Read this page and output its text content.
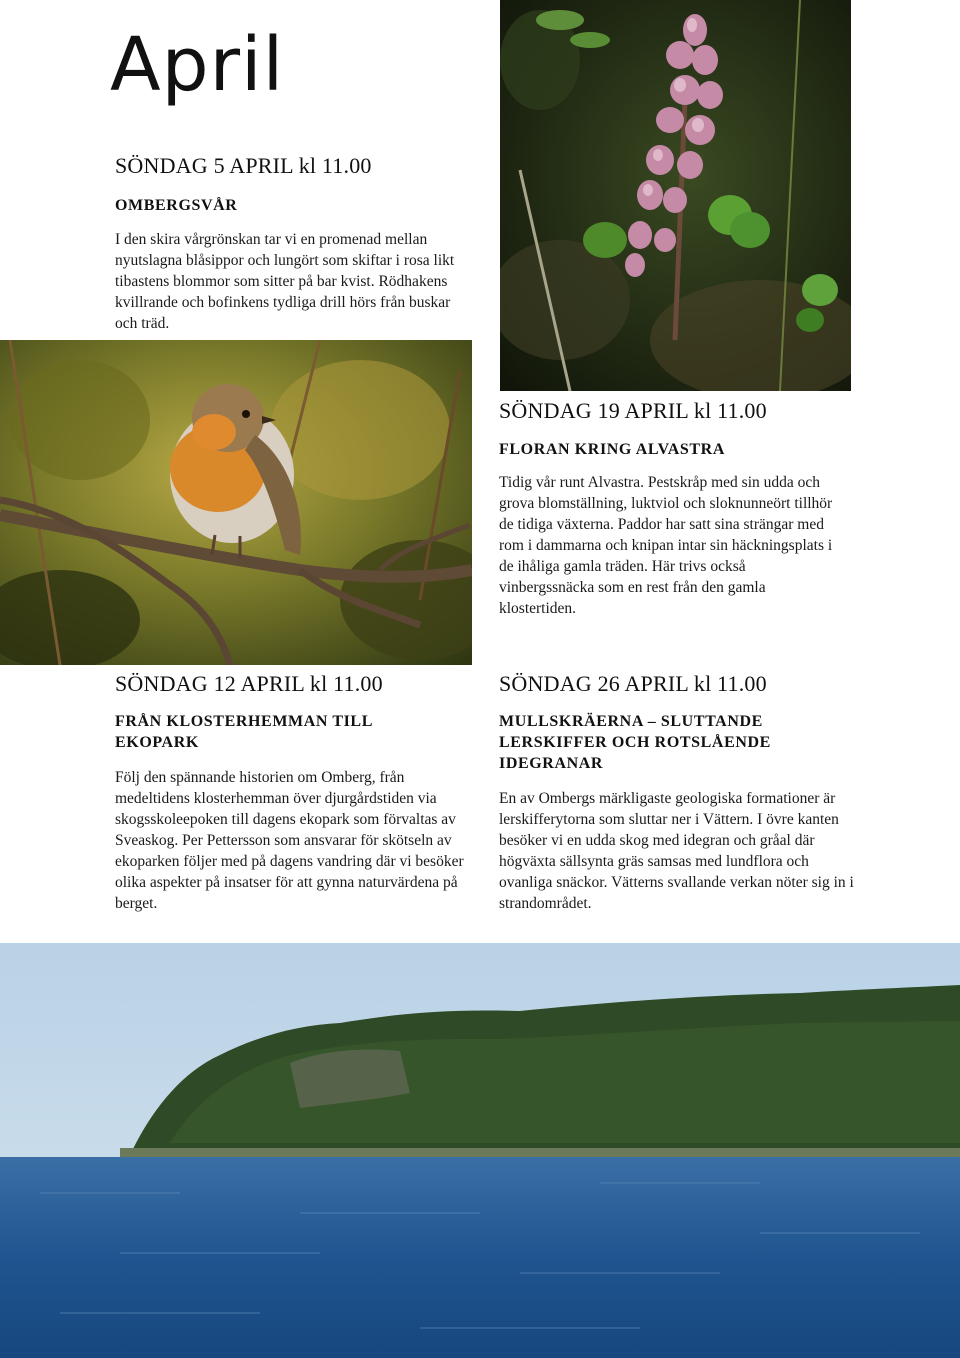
April

SÖNDAG 5 APRIL kl 11.00

OMBERGSVÅR

I den skira vårgrönskan tar vi en promenad mellan nyutslagna blåsippor och lungört som skiftar i rosa likt tibastens blommor som sitter på bar kvist. Rödhakens kvillrande och bofinkens tydliga drill hörs från buskar och träd.

SÖNDAG 19 APRIL kl 11.00

FLORAN KRING ALVASTRA

Tidig vår runt Alvastra. Pestskråp med sin udda och grova blomställning, luktviol och sloknunneört tillhör de tidiga växterna. Paddor har satt sina strängar med rom i dammarna och knipan intar sin häckningsplats i de ihåliga gamla träden. Här trivs också vinbergssnäcka som en rest från den gamla klostertiden.

SÖNDAG 12 APRIL kl 11.00

FRÅN KLOSTERHEMMAN TILL EKOPARK

Följ den spännande historien om Omberg, från medeltidens klosterhemman över djurgårdstiden via skogsskoleepoken till dagens ekopark som förvaltas av Sveaskog. Per Pettersson som ansvarar för skötseln av ekoparken följer med på dagens vandring där vi besöker olika aspekter på insatser för att gynna naturvärdena på berget.

SÖNDAG 26 APRIL kl 11.00

MULLSKRÄERNA – SLUTTANDE LERSKIFFER OCH ROTSLÅENDE IDEGRANAR

En av Ombergs märkligaste geologiska formationer är lerskifferytorna som sluttar ner i Vättern. I övre kanten besöker vi en udda skog med idegran och gråal där högväxta sällsynta gräs samsas med lundflora och ovanliga snäckor. Vätterns svallande verkan nöter sig in i strandområdet.
